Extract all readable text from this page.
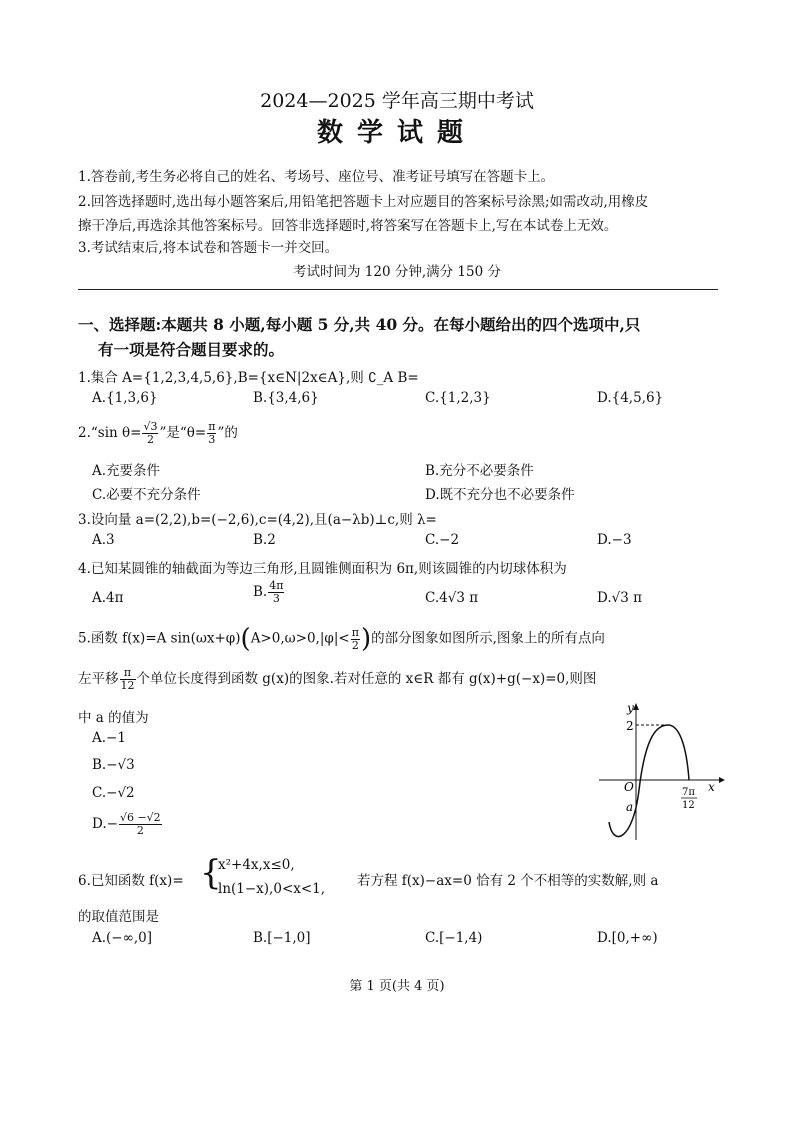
2024—2025 学年高三期中考试
数学试题
1.答卷前,考生务必将自己的姓名、考场号、座位号、准考证号填写在答题卡上。
2.回答选择题时,选出每小题答案后,用铅笔把答题卡上对应题目的答案标号涂黑;如需改动,用橡皮
擦干净后,再选涂其他答案标号。回答非选择题时,将答案写在答题卡上,写在本试卷上无效。
3.考试结束后,将本试卷和答题卡一并交回。
考试时间为 120 分钟,满分 150 分
一、选择题:本题共 8 小题,每小题 5 分,共 40 分。在每小题给出的四个选项中,只
有一项是符合题目要求的。
1.集合 A={1,2,3,4,5,6},B={x∈N|2x∈A},则 ∁_A B=
A.{1,3,6}	B.{3,4,6}	C.{1,2,3}	D.{4,5,6}
2.“sin $\theta= \frac{√3}{2}$ ”是“$\theta= \frac{\pi}{3}$ ”的
A.充要条件	B.充分不必要条件
C.必要不充分条件	D.既不充分也不必要条件
3.设向量 a=(2,2),b=(−2,6),c=(4,2),且(a−λb)⊥c,则 λ=
A.3	B.2	C.−2	D.−3
4.已知某圆锥的轴截面为等边三角形,且圆锥侧面积为 6π,则该圆锥的内切球体积为
A.4π	B. $\frac{4\pi}{3}$	C.4√3 π	D.√3 π
5.函数 f(x)=A $\sin(\omega x+\varphi)(A>0,\omega>0,|\varphi|< \frac{\pi}{2}$ )的部分图象如图所示,图象上的所有点向
左平移 $\frac{\pi}{12}$ 个单位长度得到函数 g(x)的图象.若对任意的 x∈R 都有 g(x)+g(−x)=0,则图
中 a 的值为
A.−1
B.−√3
C.−√2
$D.- \frac{√6 -√2}{2}$
y
x
O
2
a
7π
12
6.已知函数 f(x)= {
x²+4x,x≤0,
ln(1−x),0<x<1, 若方程 f(x)−ax=0 恰有 2 个不相等的实数解,则 a
的取值范围是
A.(−∞,0]	B.[−1,0]	C.[−1,4)	D.[0,+∞)
第 1 页(共 4 页)
